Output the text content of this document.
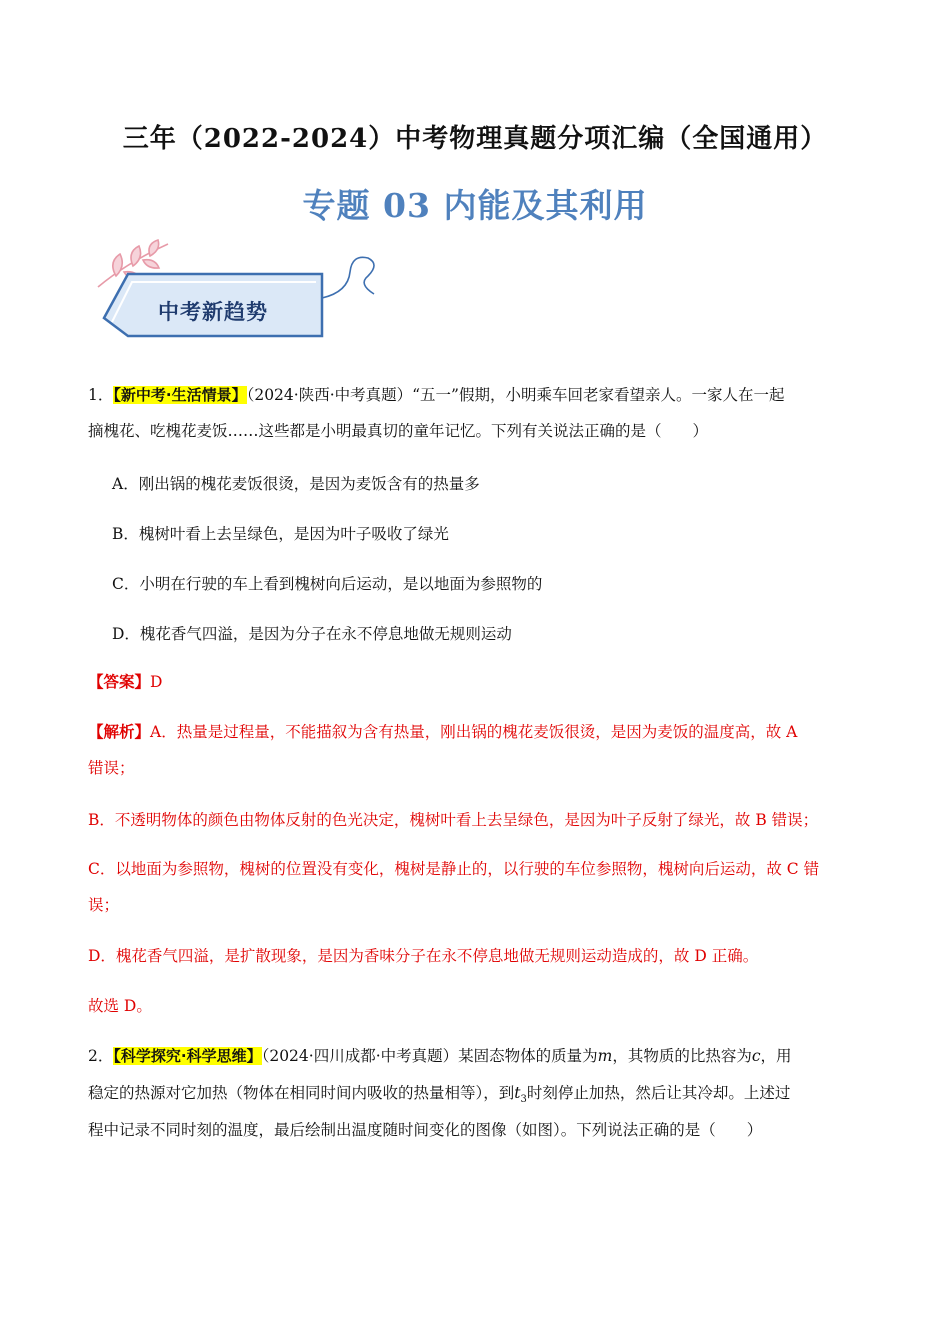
三年（2022-2024）中考物理真题分项汇编（全国通用）
专题 03 内能及其利用
中考新趋势
1．【新中考·生活情景】（2024·陕西·中考真题）“五一”假期，小明乘车回老家看望亲人。一家人在一起
摘槐花、吃槐花麦饭……这些都是小明最真切的童年记忆。下列有关说法正确的是（　　）
A．刚出锅的槐花麦饭很烫，是因为麦饭含有的热量多
B．槐树叶看上去呈绿色，是因为叶子吸收了绿光
C．小明在行驶的车上看到槐树向后运动，是以地面为参照物的
D．槐花香气四溢，是因为分子在永不停息地做无规则运动
【答案】D
【解析】A．热量是过程量，不能描叙为含有热量，刚出锅的槐花麦饭很烫，是因为麦饭的温度高，故 A
错误；
B．不透明物体的颜色由物体反射的色光决定，槐树叶看上去呈绿色，是因为叶子反射了绿光，故 B 错误；
C．以地面为参照物，槐树的位置没有变化，槐树是静止的，以行驶的车位参照物，槐树向后运动，故 C 错
误；
D．槐花香气四溢，是扩散现象，是因为香味分子在永不停息地做无规则运动造成的，故 D 正确。
故选 D。
2．【科学探究·科学思维】（2024·四川成都·中考真题）某固态物体的质量为m，其物质的比热容为c，用
稳定的热源对它加热（物体在相同时间内吸收的热量相等），到$t_3$时刻停止加热，然后让其冷却。上述过
程中记录不同时刻的温度，最后绘制出温度随时间变化的图像（如图）。下列说法正确的是（　　）
